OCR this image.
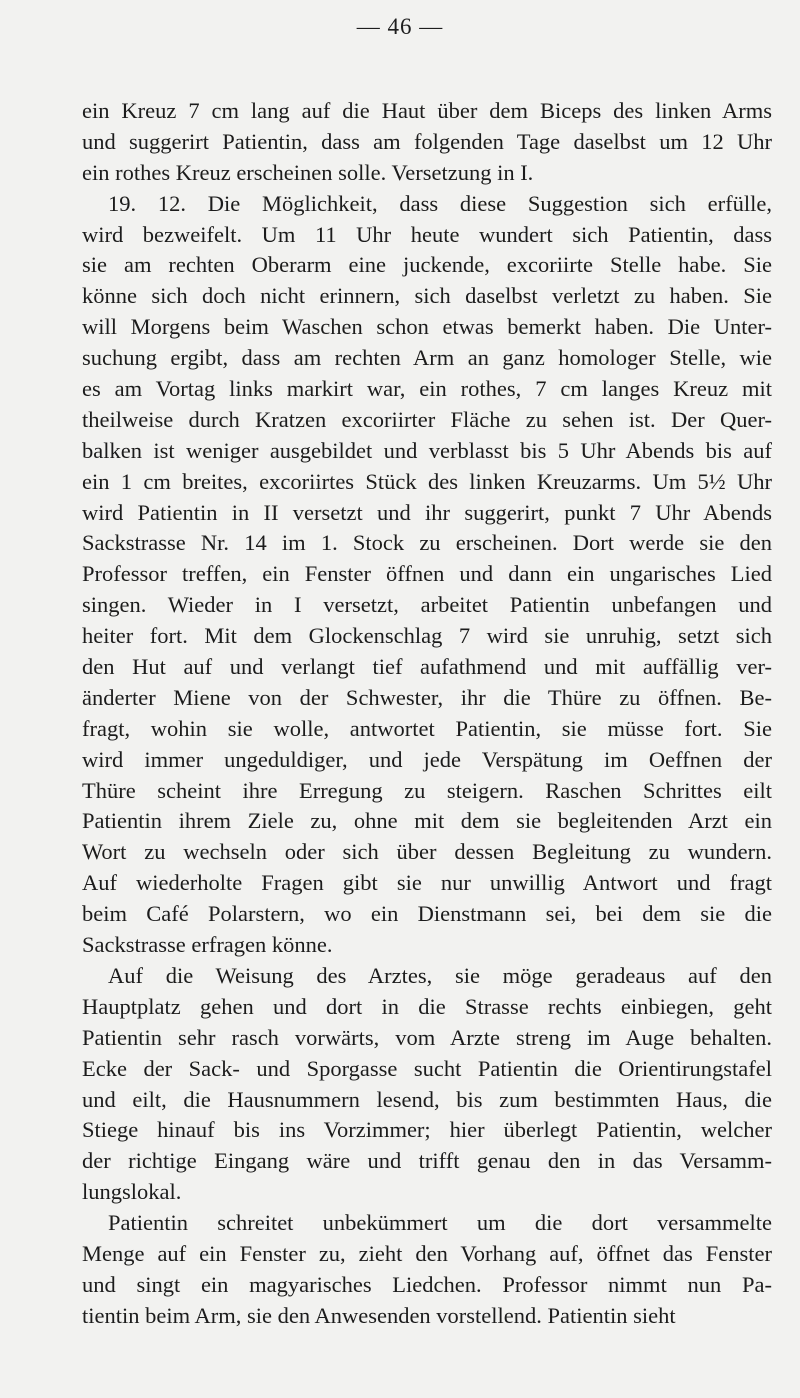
— 46 —
ein Kreuz 7 cm lang auf die Haut über dem Biceps des linken Arms
und suggerirt Patientin, dass am folgenden Tage daselbst um 12 Uhr
ein rothes Kreuz erscheinen solle. Versetzung in I.
19. 12. Die Möglichkeit, dass diese Suggestion sich erfülle,
wird bezweifelt. Um 11 Uhr heute wundert sich Patientin, dass
sie am rechten Oberarm eine juckende, excoriirte Stelle habe. Sie
könne sich doch nicht erinnern, sich daselbst verletzt zu haben. Sie
will Morgens beim Waschen schon etwas bemerkt haben. Die Unter-
suchung ergibt, dass am rechten Arm an ganz homologer Stelle, wie
es am Vortag links markirt war, ein rothes, 7 cm langes Kreuz mit
theilweise durch Kratzen excoriirter Fläche zu sehen ist. Der Quer-
balken ist weniger ausgebildet und verblasst bis 5 Uhr Abends bis auf
ein 1 cm breites, excoriirtes Stück des linken Kreuzarms. Um 5½ Uhr
wird Patientin in II versetzt und ihr suggerirt, punkt 7 Uhr Abends
Sackstrasse Nr. 14 im 1. Stock zu erscheinen. Dort werde sie den
Professor treffen, ein Fenster öffnen und dann ein ungarisches Lied
singen. Wieder in I versetzt, arbeitet Patientin unbefangen und
heiter fort. Mit dem Glockenschlag 7 wird sie unruhig, setzt sich
den Hut auf und verlangt tief aufathmend und mit auffällig ver-
änderter Miene von der Schwester, ihr die Thüre zu öffnen. Be-
fragt, wohin sie wolle, antwortet Patientin, sie müsse fort. Sie
wird immer ungeduldiger, und jede Verspätung im Oeffnen der
Thüre scheint ihre Erregung zu steigern. Raschen Schrittes eilt
Patientin ihrem Ziele zu, ohne mit dem sie begleitenden Arzt ein
Wort zu wechseln oder sich über dessen Begleitung zu wundern.
Auf wiederholte Fragen gibt sie nur unwillig Antwort und fragt
beim Café Polarstern, wo ein Dienstmann sei, bei dem sie die
Sackstrasse erfragen könne.
Auf die Weisung des Arztes, sie möge geradeaus auf den
Hauptplatz gehen und dort in die Strasse rechts einbiegen, geht
Patientin sehr rasch vorwärts, vom Arzte streng im Auge behalten.
Ecke der Sack- und Sporgasse sucht Patientin die Orientirungstafel
und eilt, die Hausnummern lesend, bis zum bestimmten Haus, die
Stiege hinauf bis ins Vorzimmer; hier überlegt Patientin, welcher
der richtige Eingang wäre und trifft genau den in das Versamm-
lungslokal.
Patientin schreitet unbekümmert um die dort versammelte
Menge auf ein Fenster zu, zieht den Vorhang auf, öffnet das Fenster
und singt ein magyarisches Liedchen. Professor nimmt nun Pa-
tientin beim Arm, sie den Anwesenden vorstellend. Patientin sieht
